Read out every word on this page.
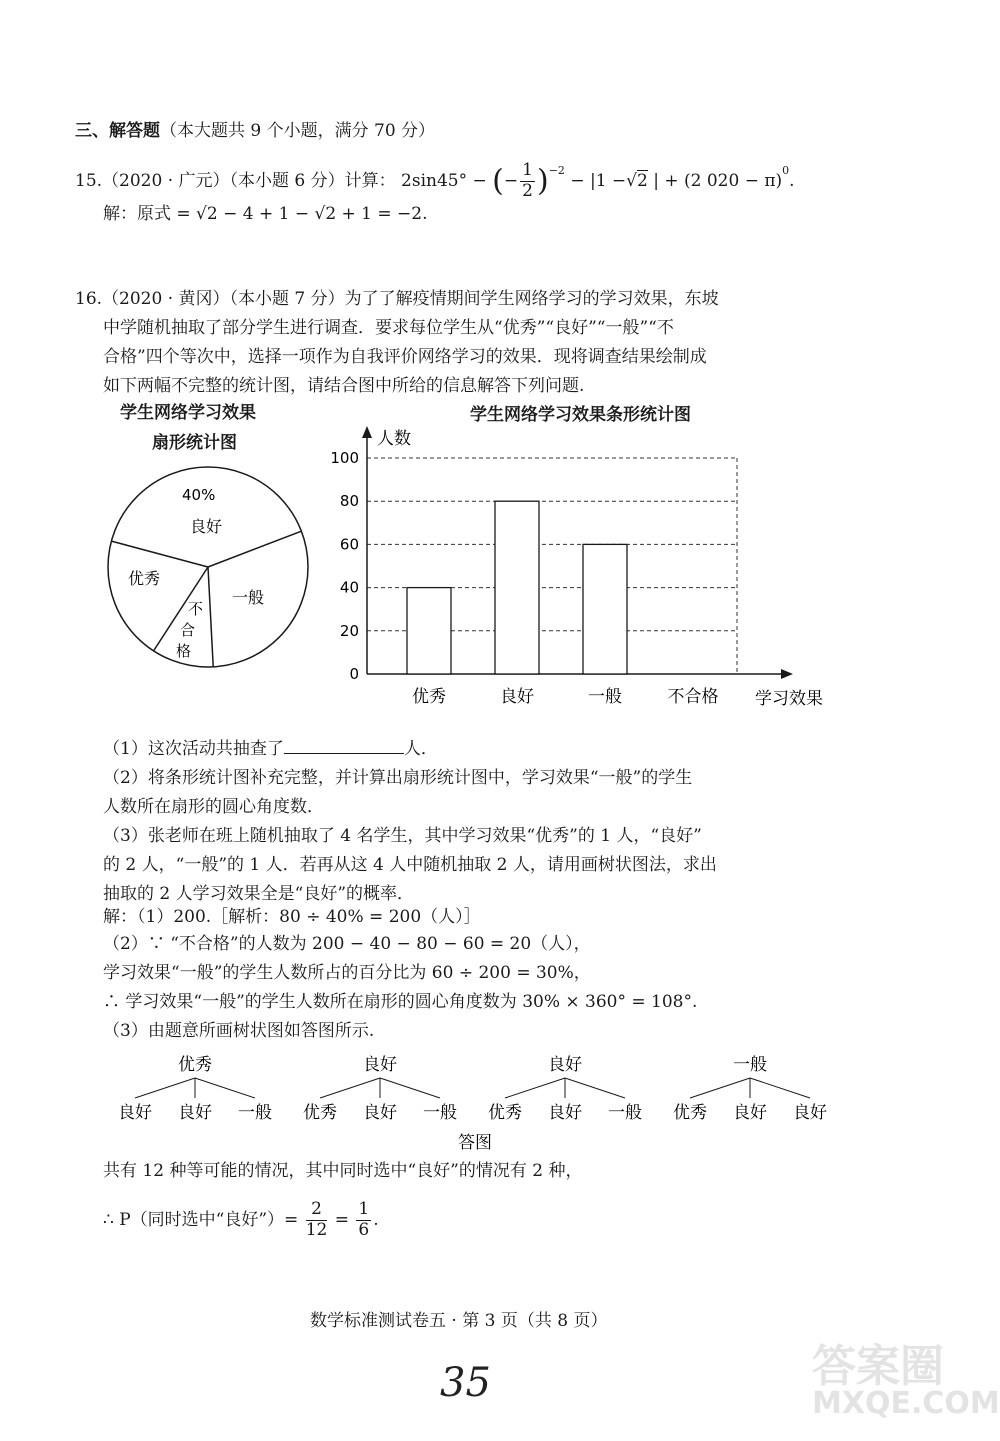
三、解答题（本大题共 9 个小题，满分 70 分）
15.（2020 · 广元）（本小题 6 分）计算： 2sin45° − (− $\frac{1}{2} )^{-2} - |1 -√2$ | + (2 020 − π)$^0$.
解：原式 = √2 − 4 + 1 − √2 + 1 = −2.
16.（2020 · 黄冈）（本小题 7 分）为了了解疫情期间学生网络学习的学习效果，东坡
中学随机抽取了部分学生进行调查．要求每位学生从“优秀”“良好”“一般”“不
合格”四个等次中，选择一项作为自我评价网络学习的效果．现将调查结果绘制成
如下两幅不完整的统计图，请结合图中所给的信息解答下列问题.
学生网络学习效果
扇形统计图
40%
良好
优秀
一般
不
合
格
学生网络学习效果条形统计图
0
20
40
60
80
100
人数
学习效果
优秀	良好	一般	不合格
（1）这次活动共抽查了	人．
（2）将条形统计图补充完整，并计算出扇形统计图中，学习效果“一般”的学生
人数所在扇形的圆心角度数．
（3）张老师在班上随机抽取了 4 名学生，其中学习效果“优秀”的 1 人，“良好”
的 2 人，“一般”的 1 人．若再从这 4 人中随机抽取 2 人，请用画树状图法，求出
抽取的 2 人学习效果全是“良好”的概率．
解：（1）200.［解析：80 ÷ 40% = 200（人）］
（2）∵ “不合格”的人数为 200 − 40 − 80 − 60 = 20（人），
学习效果“一般”的学生人数所占的百分比为 60 ÷ 200 = 30%，
∴ 学习效果“一般”的学生人数所在扇形的圆心角度数为 30% × 360° = 108°.
（3）由题意所画树状图如答图所示.
优秀
良好 良好 一般
良好
优秀 良好 一般
良好
优秀 良好 一般
一般
优秀 良好 良好
答图
共有 12 种等可能的情况，其中同时选中“良好”的情况有 2 种，
∴ P（同时选中“良好”）= $\frac{2}{12} = \frac{1}{6}$ .
数学标准测试卷五 · 第 3 页（共 8 页）
35	答案圈
MXQE.COM
